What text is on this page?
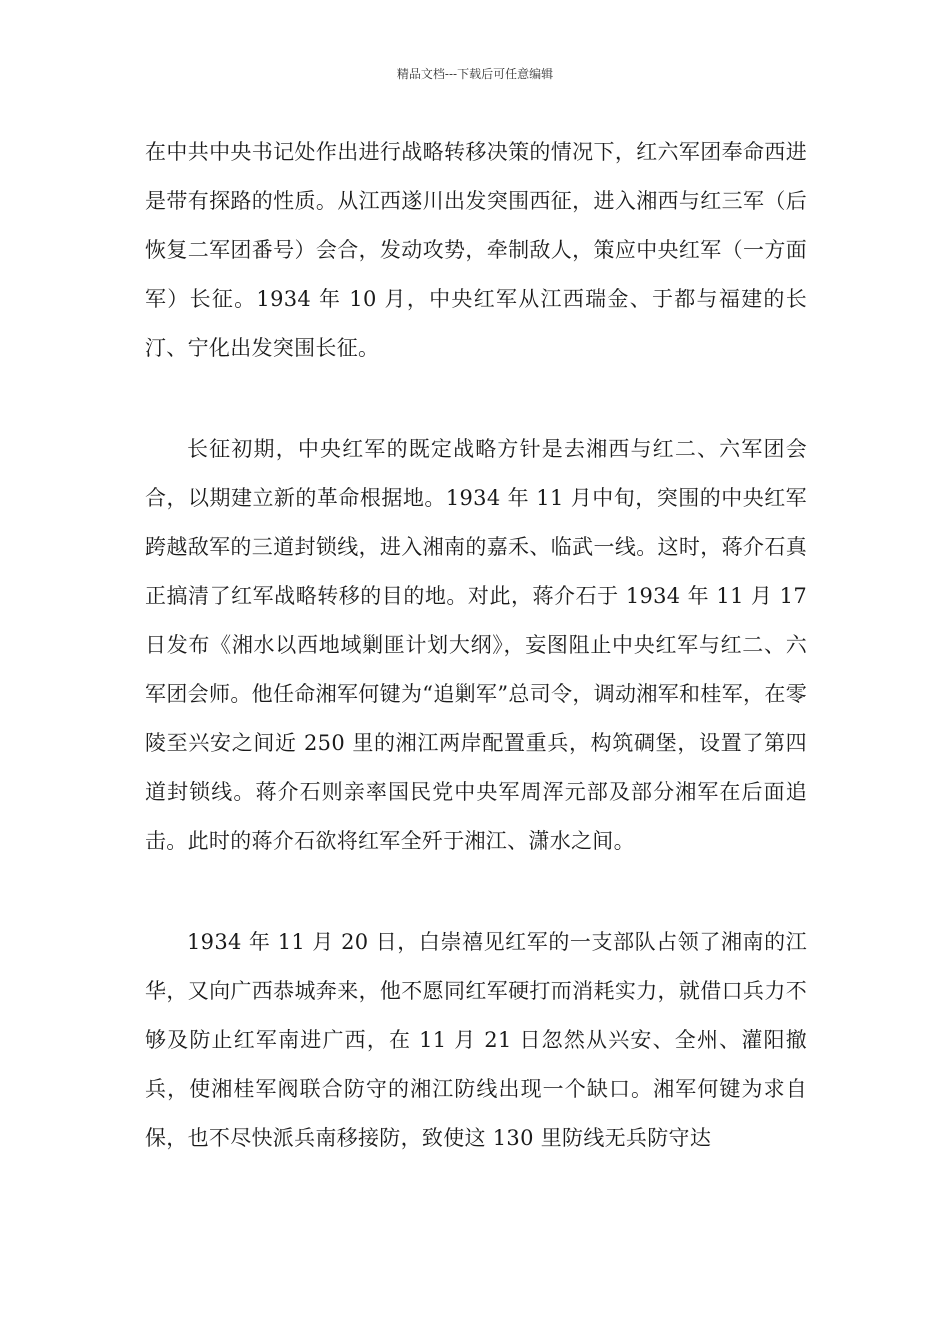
精品文档---下载后可任意编辑

在中共中央书记处作出进行战略转移决策的情况下，红六军团奉命西进是带有探路的性质。从江西遂川出发突围西征，进入湘西与红三军（后恢复二军团番号）会合，发动攻势，牵制敌人，策应中央红军（一方面军）长征。1934 年 10 月，中央红军从江西瑞金、于都与福建的长汀、宁化出发突围长征。

长征初期，中央红军的既定战略方针是去湘西与红二、六军团会合，以期建立新的革命根据地。1934 年 11 月中旬，突围的中央红军跨越敌军的三道封锁线，进入湘南的嘉禾、临武一线。这时，蒋介石真正搞清了红军战略转移的目的地。对此，蒋介石于 1934 年 11 月 17 日发布《湘水以西地域剿匪计划大纲》，妄图阻止中央红军与红二、六军团会师。他任命湘军何键为“追剿军”总司令，调动湘军和桂军，在零陵至兴安之间近 250 里的湘江两岸配置重兵，构筑碉堡，设置了第四道封锁线。蒋介石则亲率国民党中央军周浑元部及部分湘军在后面追击。此时的蒋介石欲将红军全歼于湘江、潇水之间。

1934 年 11 月 20 日，白崇禧见红军的一支部队占领了湘南的江华，又向广西恭城奔来，他不愿同红军硬打而消耗实力，就借口兵力不够及防止红军南进广西，在 11 月 21 日忽然从兴安、全州、灌阳撤兵，使湘桂军阀联合防守的湘江防线出现一个缺口。湘军何键为求自保，也不尽快派兵南移接防，致使这 130 里防线无兵防守达
